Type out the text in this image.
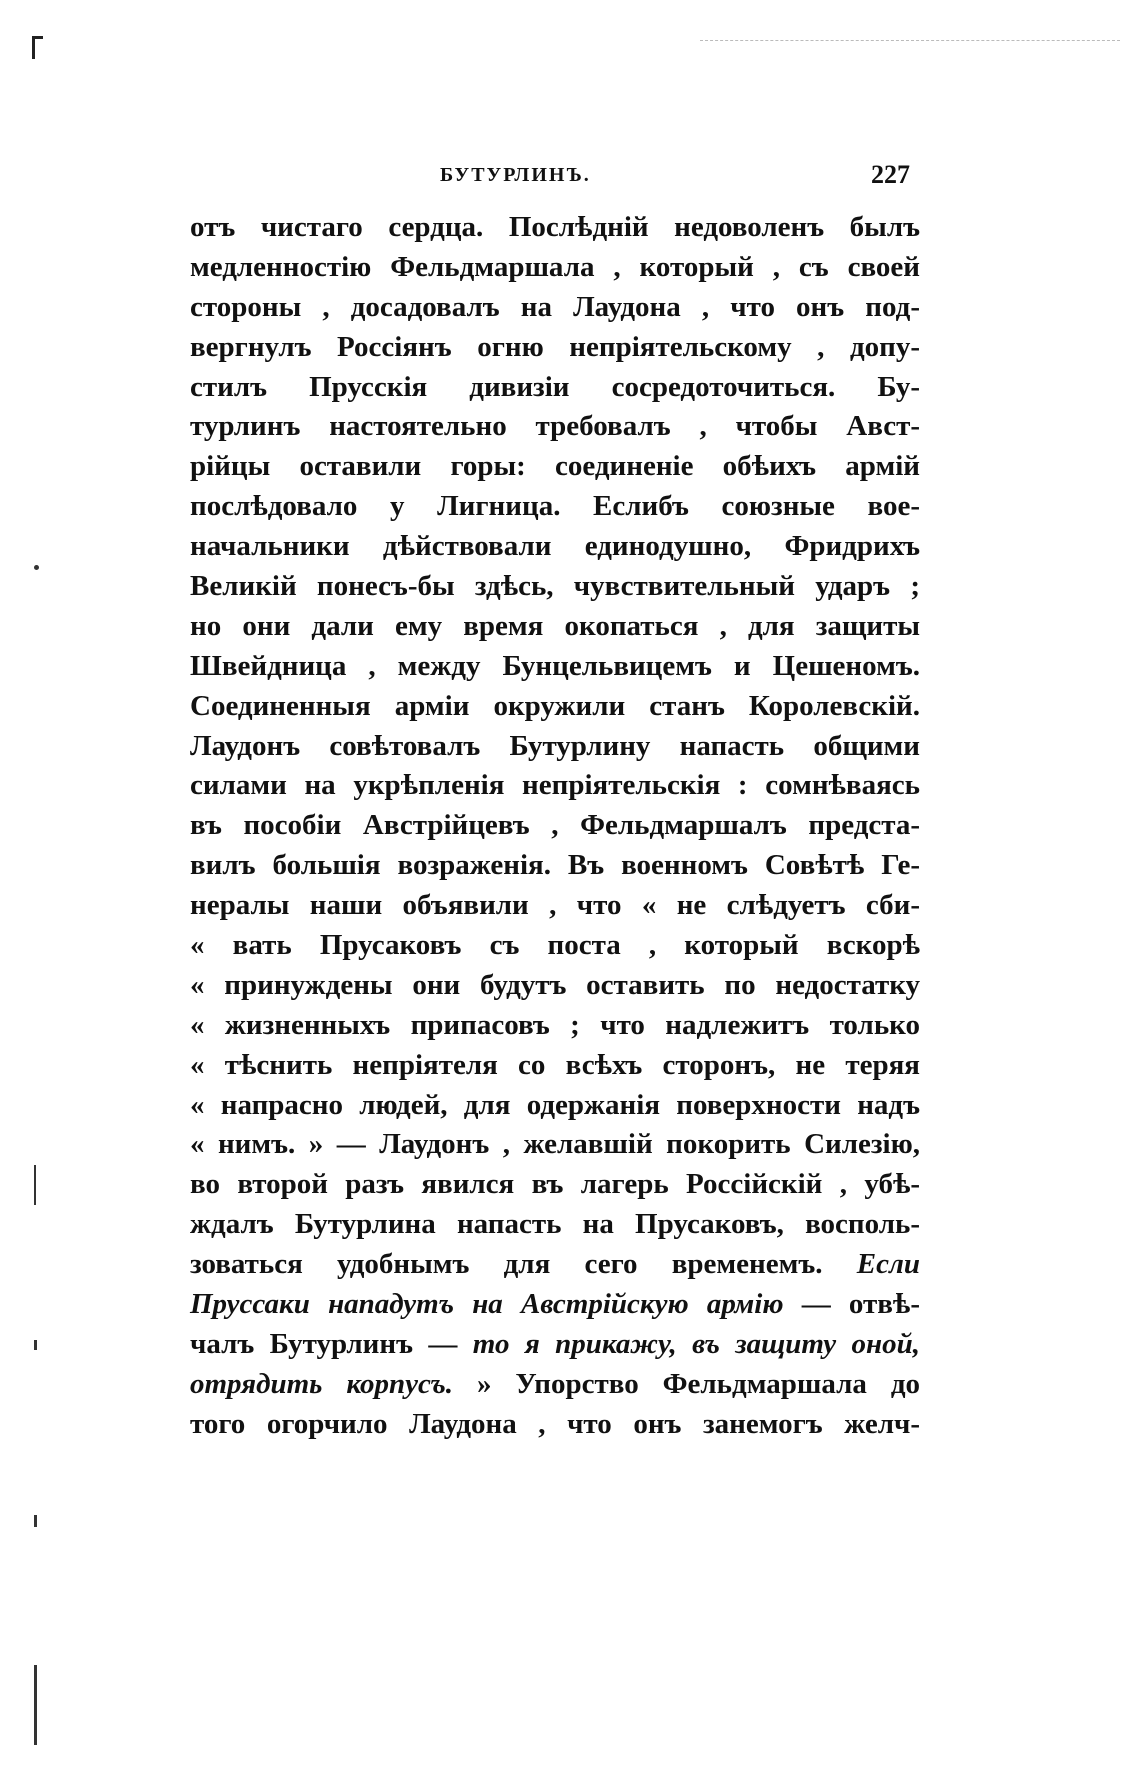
БУТУРЛИНЪ.	227
отъ чистаго сердца. Послѣдній недоволенъ былъ
медленностію Фельдмаршала , который , съ своей
стороны , досадовалъ на Лаудона , что онъ под-
вергнулъ Россіянъ огню непріятельскому , допу-
стилъ Прусскія дивизіи сосредоточиться. Бу-
турлинъ настоятельно требовалъ , чтобы Авст-
рійцы оставили горы: соединеніе обѣихъ армій
послѣдовало у Лигница. Еслибъ союзные вое-
начальники дѣйствовали единодушно, Фридрихъ
Великій понесъ-бы здѣсь, чувствительный ударъ ;
но они дали ему время окопаться , для защиты
Швейдница , между Бунцельвицемъ и Цешеномъ.
Соединенныя арміи окружили станъ Королевскій.
Лаудонъ совѣтовалъ Бутурлину напасть общими
силами на укрѣпленія непріятельскія : сомнѣваясь
въ пособіи Австрійцевъ , Фельдмаршалъ предста-
вилъ большія возраженія. Въ военномъ Совѣтѣ Ге-
нералы наши объявили , что « не слѣдуетъ сби-
« вать Прусаковъ съ поста , который вскорѣ
« принуждены они будутъ оставить по недостатку
« жизненныхъ припасовъ ; что надлежитъ только
« тѣснить непріятеля со всѣхъ сторонъ, не теряя
« напрасно людей, для одержанія поверхности надъ
« нимъ. » — Лаудонъ , желавшій покорить Силезію,
во второй разъ явился въ лагерь Россійскій , убѣ-
ждалъ Бутурлина напасть на Прусаковъ, восполь-
зоваться удобнымъ для сего временемъ. Если
Пруссаки нападутъ на Австрійскую армію — отвѣ-
чалъ Бутурлинъ — то я прикажу, въ защиту оной,
отрядить корпусъ. » Упорство Фельдмаршала до
того огорчило Лаудона , что онъ занемогъ желч-
